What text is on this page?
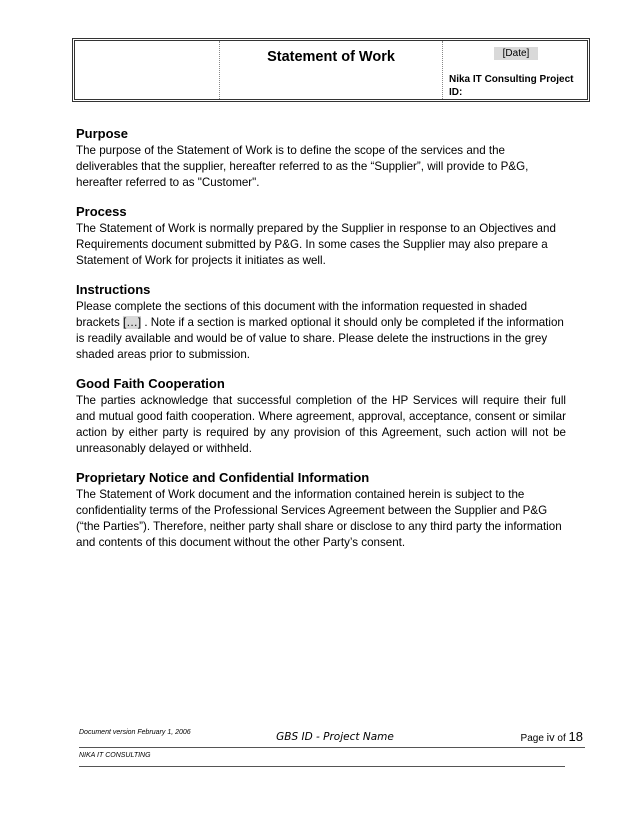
Statement of Work	[Date]
Nika IT Consulting Project ID:
Purpose

The purpose of the Statement of Work is to define the scope of the services and the deliverables that the supplier, hereafter referred to as the “Supplier”, will provide to P&G, hereafter referred to as "Customer".

Process

The Statement of Work is normally prepared by the Supplier in response to an Objectives and Requirements document submitted by P&G. In some cases the Supplier may also prepare a Statement of Work for projects it initiates as well.

Instructions

Please complete the sections of this document with the information requested in shaded brackets […] . Note if a section is marked optional it should only be completed if the information is readily available and would be of value to share. Please delete the instructions in the grey shaded areas prior to submission.

Good Faith Cooperation

The parties acknowledge that successful completion of the HP Services will require their full and mutual good faith cooperation. Where agreement, approval, acceptance, consent or similar action by either party is required by any provision of this Agreement, such action will not be unreasonably delayed or withheld.

Proprietary Notice and Confidential Information

The Statement of Work document and the information contained herein is subject to the confidentiality terms of the Professional Services Agreement between the Supplier and P&G (“the Parties”). Therefore, neither party shall share or disclose to any third party the information and contents of this document without the other Party’s consent.

Document version February 1, 2006	GBS ID - Project Name	Page iv of 18
NIKA IT CONSULTING
